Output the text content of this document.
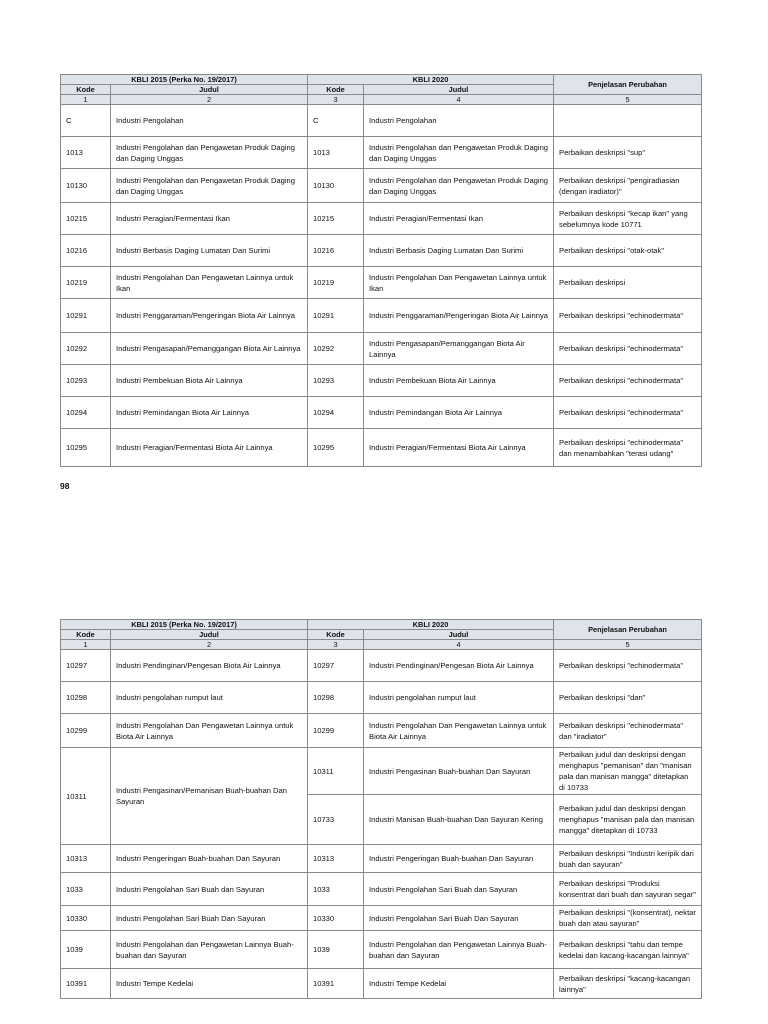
KBLI 2015 (Perka No. 19/2017)		KBLI 2020		Penjelasan Perubahan
Kode	Judul	Kode	Judul	
1	2	3	4	5
C	Industri Pengolahan	C	Industri Pengolahan	
1013	Industri Pengolahan dan Pengawetan Produk Daging dan Daging Unggas	1013	Industri Pengolahan dan Pengawetan Produk Daging dan Daging Unggas	Perbaikan deskripsi "sup"
10130	Industri Pengolahan dan Pengawetan Produk Daging dan Daging Unggas	10130	Industri Pengolahan dan Pengawetan Produk Daging dan Daging Unggas	Perbaikan deskripsi "pengiradiasian (dengan iradiator)"
10215	Industri Peragian/Fermentasi Ikan	10215	Industri Peragian/Fermentasi Ikan	Perbaikan deskripsi "kecap ikan" yang sebelumnya kode 10771
10216	Industri Berbasis Daging Lumatan Dan Surimi	10216	Industri Berbasis Daging Lumatan Dan Surimi	Perbaikan deskripsi "otak-otak"
10219	Industri Pengolahan Dan Pengawetan Lainnya untuk Ikan	10219	Industri Pengolahan Dan Pengawetan Lainnya untuk Ikan	Perbaikan deskripsi
10291	Industri Penggaraman/Pengeringan Biota Air Lainnya	10291	Industri Penggaraman/Pengeringan Biota Air Lainnya	Perbaikan deskripsi "echinodermata"
10292	Industri Pengasapan/Pemanggangan Biota Air Lainnya	10292	Industri Pengasapan/Pemanggangan Biota Air Lainnya	Perbaikan deskripsi "echinodermata"
10293	Industri Pembekuan Biota Air Lainnya	10293	Industri Pembekuan Biota Air Lainnya	Perbaikan deskripsi "echinodermata"
10294	Industri Pemindangan Biota Air Lainnya	10294	Industri Pemindangan Biota Air Lainnya	Perbaikan deskripsi "echinodermata"
10295	Industri Peragian/Fermentasi Biota Air Lainnya	10295	Industri Peragian/Fermentasi Biota Air Lainnya	Perbaikan deskripsi "echinodermata" dan menambahkan "terasi udang"
98
KBLI 2015 (Perka No. 19/2017)		KBLI 2020		Penjelasan Perubahan
Kode	Judul	Kode	Judul	
1	2	3	4	5
10297	Industri Pendinginan/Pengesan Biota Air Lainnya	10297	Industri Pendinginan/Pengesan Biota Air Lainnya	Perbaikan deskripsi "echinodermata"
10298	Industri pengolahan rumput laut	10298	Industri pengolahan rumput laut	Perbaikan deskripsi "dan"
10299	Industri Pengolahan Dan Pengawetan Lainnya untuk Biota Air Lainnya	10299	Industri Pengolahan Dan Pengawetan Lainnya untuk Biota Air Lainnya	Perbaikan deskripsi "echinodermata" dan "iradiator"
10311	Industri Pengasinan/Pemanisan Buah-buahan Dan Sayuran	10311	Industri Pengasinan Buah-buahan Dan Sayuran	Perbaikan judul dan deskripsi dengan menghapus "pemanisan" dan "manisan pala dan manisan mangga" ditetapkan di 10733
		10733	Industri Manisan Buah-buahan Dan Sayuran Kering	Perbaikan judul dan deskripsi dengan menghapus "manisan pala dan manisan mangga" ditetapkan di 10733
10313	Industri Pengeringan Buah-buahan Dan Sayuran	10313	Industri Pengeringan Buah-buahan Dan Sayuran	Perbaikan deskripsi "Industri keripik dari buah dan sayuran"
1033	Industri Pengolahan Sari Buah dan Sayuran	1033	Industri Pengolahan Sari Buah dan Sayuran	Perbaikan deskripsi "Produksi konsentrat dari buah dan sayuran segar"
10330	Industri Pengolahan Sari Buah Dan Sayuran	10330	Industri Pengolahan Sari Buah Dan Sayuran	Perbaikan deskripsi "(konsentrat), nektar buah dan atau sayuran"
1039	Industri Pengolahan dan Pengawetan Lainnya Buah-buahan dan Sayuran	1039	Industri Pengolahan dan Pengawetan Lainnya Buah-buahan dan Sayuran	Perbaikan deskripsi "tahu dan tempe kedelai dan kacang-kacangan lainnya"
10391	Industri Tempe Kedelai	10391	Industri Tempe Kedelai	Perbaikan deskripsi "kacang-kacangan lainnya"
